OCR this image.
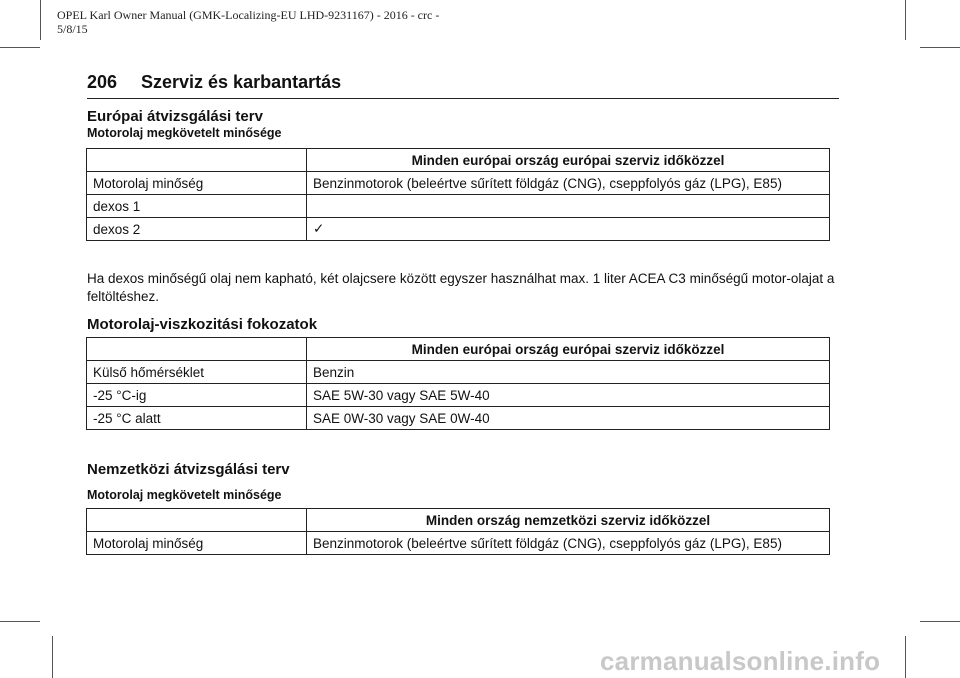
OPEL Karl Owner Manual (GMK-Localizing-EU LHD-9231167) - 2016 - crc -
5/8/15
206 Szerviz és karbantartás
Európai átvizsgálási terv
Motorolaj megkövetelt minősége
	Minden európai ország európai szerviz időközzel
Motorolaj minőség	Benzinmotorok (beleértve sűrített földgáz (CNG), cseppfolyós gáz (LPG), E85)
dexos 1	
dexos 2	✓
Ha dexos minőségű olaj nem kapható, két olajcsere között egyszer használhat max. 1 liter ACEA C3 minőségű motor-olajat a feltöltéshez.
Motorolaj-viszkozitási fokozatok
	Minden európai ország európai szerviz időközzel
Külső hőmérséklet	Benzin
-25 °C-ig	SAE 5W-30 vagy SAE 5W-40
-25 °C alatt	SAE 0W-30 vagy SAE 0W-40
Nemzetközi átvizsgálási terv
Motorolaj megkövetelt minősége
	Minden ország nemzetközi szerviz időközzel
Motorolaj minőség	Benzinmotorok (beleértve sűrített földgáz (CNG), cseppfolyós gáz (LPG), E85)
carmanualsonline.info
